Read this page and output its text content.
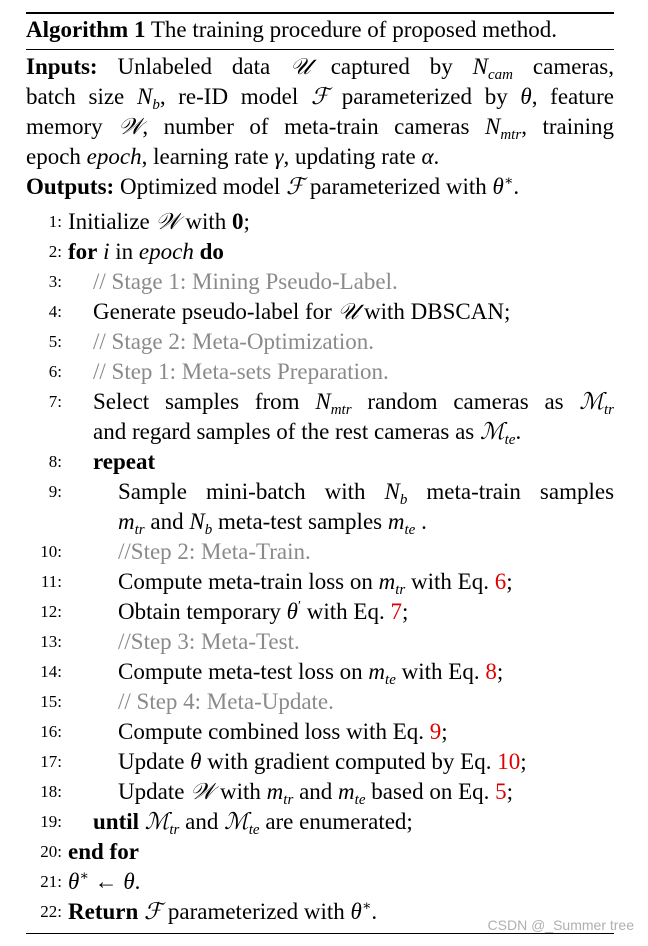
Algorithm 1 The training procedure of proposed method.
Inputs: Unlabeled data 𝒰 captured by $N_{cam}$ cameras,
batch size $N_b$, re-ID model ℱ parameterized by θ, feature
memory 𝒲, number of meta-train cameras $N_{mtr}$, training
epoch epoch, learning rate γ, updating rate α.
Outputs: Optimized model ℱ parameterized with θ∗.
1: Initialize 𝒲 with 0;
2: for i in epoch do
3: // Stage 1: Mining Pseudo-Label.
4: Generate pseudo-label for 𝒰 with DBSCAN;
5: // Stage 2: Meta-Optimization.
6: // Step 1: Meta-sets Preparation.
7: Select samples from $N_{mtr}$ random cameras as ℳ$_{tr}$
and regard samples of the rest cameras as ℳ$_{te}$.
8: repeat
9: Sample mini-batch with $N_b$ meta-train samples
$m_{tr}$ and $N_b$ meta-test samples $m_{te}$ .
10: //Step 2: Meta-Train.
11: Compute meta-train loss on $m_{tr}$ with Eq. 6;
12: Obtain temporary θ′ with Eq. 7;
13: //Step 3: Meta-Test.
14: Compute meta-test loss on $m_{te}$ with Eq. 8;
15: // Step 4: Meta-Update.
16: Compute combined loss with Eq. 9;
17: Update θ with gradient computed by Eq. 10;
18: Update 𝒲 with $m_{tr}$ and $m_{te}$ based on Eq. 5;
19: until ℳ$_{tr}$ and ℳ$_{te}$ are enumerated;
20: end for
21: θ∗ ← θ.
22: Return ℱ parameterized with θ∗.
CSDN @_Summer tree
